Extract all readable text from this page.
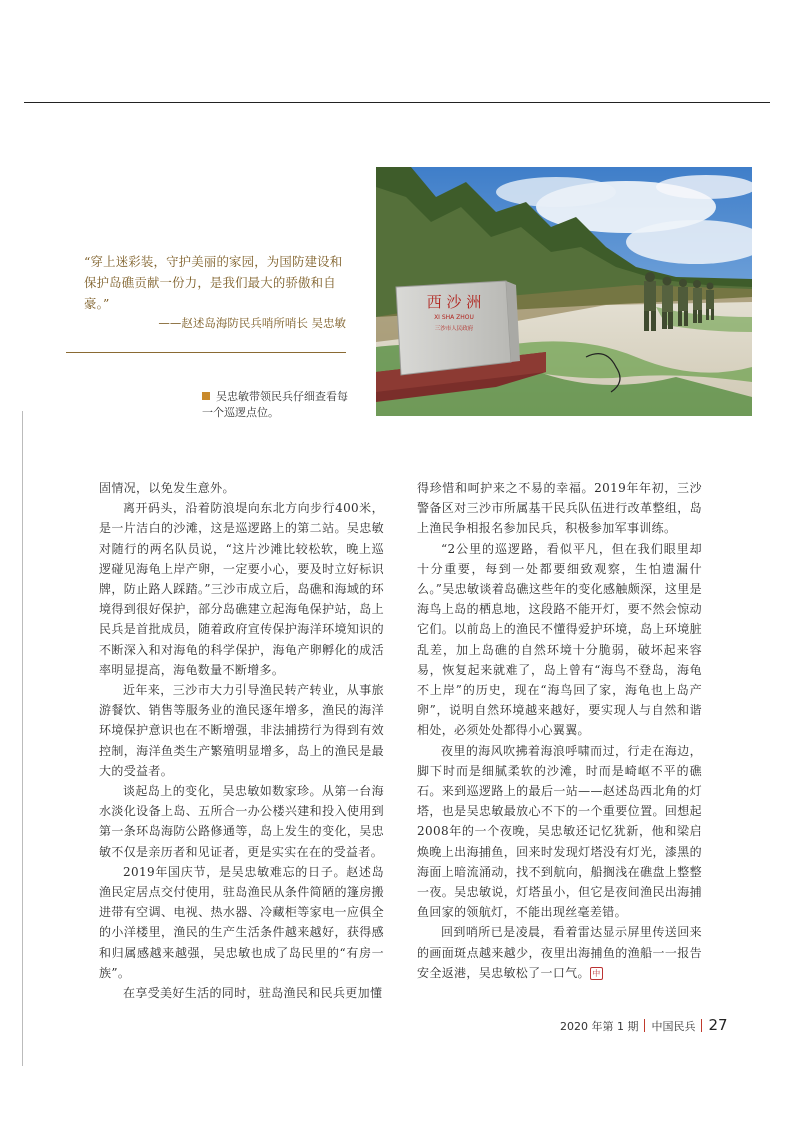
“穿上迷彩装，守护美丽的家园，为国防建设和保护岛礁贡献一份力，是我们最大的骄傲和自豪。”
——赵述岛海防民兵哨所哨长 吴忠敏
西 沙 洲
XI SHA ZHOU
三沙市人民政府
吴忠敏带领民兵仔细查看每一个巡逻点位。

固情况，以免发生意外。

离开码头，沿着防浪堤向东北方向步行400米，是一片洁白的沙滩，这是巡逻路上的第二站。吴忠敏对随行的两名队员说，“这片沙滩比较松软，晚上巡逻碰见海龟上岸产卵，一定要小心，要及时立好标识牌，防止路人踩踏。”三沙市成立后，岛礁和海域的环境得到很好保护，部分岛礁建立起海龟保护站，岛上民兵是首批成员，随着政府宣传保护海洋环境知识的不断深入和对海龟的科学保护，海龟产卵孵化的成活率明显提高，海龟数量不断增多。

近年来，三沙市大力引导渔民转产转业，从事旅游餐饮、销售等服务业的渔民逐年增多，渔民的海洋环境保护意识也在不断增强，非法捕捞行为得到有效控制，海洋鱼类生产繁殖明显增多，岛上的渔民是最大的受益者。

谈起岛上的变化，吴忠敏如数家珍。从第一台海水淡化设备上岛、五所合一办公楼兴建和投入使用到第一条环岛海防公路修通等，岛上发生的变化，吴忠敏不仅是亲历者和见证者，更是实实在在的受益者。

2019年国庆节，是吴忠敏难忘的日子。赵述岛渔民定居点交付使用，驻岛渔民从条件简陋的篷房搬进带有空调、电视、热水器、冷藏柜等家电一应俱全的小洋楼里，渔民的生产生活条件越来越好，获得感和归属感越来越强，吴忠敏也成了岛民里的“有房一族”。

在享受美好生活的同时，驻岛渔民和民兵更加懂

得珍惜和呵护来之不易的幸福。2019年年初，三沙警备区对三沙市所属基干民兵队伍进行改革整组，岛上渔民争相报名参加民兵，积极参加军事训练。

“2公里的巡逻路，看似平凡，但在我们眼里却十分重要，每到一处都要细致观察，生怕遗漏什么。”吴忠敏谈着岛礁这些年的变化感触颇深，这里是海鸟上岛的栖息地，这段路不能开灯，要不然会惊动它们。以前岛上的渔民不懂得爱护环境，岛上环境脏乱差，加上岛礁的自然环境十分脆弱，破坏起来容易，恢复起来就难了，岛上曾有“海鸟不登岛，海龟不上岸”的历史，现在“海鸟回了家，海龟也上岛产卵”，说明自然环境越来越好，要实现人与自然和谐相处，必须处处都得小心翼翼。

夜里的海风吹拂着海浪呼啸而过，行走在海边，脚下时而是细腻柔软的沙滩，时而是崎岖不平的礁石。来到巡逻路上的最后一站——赵述岛西北角的灯塔，也是吴忠敏最放心不下的一个重要位置。回想起2008年的一个夜晚，吴忠敏还记忆犹新，他和梁启焕晚上出海捕鱼，回来时发现灯塔没有灯光，漆黑的海面上暗流涌动，找不到航向，船搁浅在礁盘上整整一夜。吴忠敏说，灯塔虽小，但它是夜间渔民出海捕鱼回家的领航灯，不能出现丝毫差错。

回到哨所已是凌晨，看着雷达显示屏里传送回来的画面斑点越来越少，夜里出海捕鱼的渔船一一报告安全返港，吴忠敏松了一口气。 中

2020 年第 1 期 中国民兵 27
